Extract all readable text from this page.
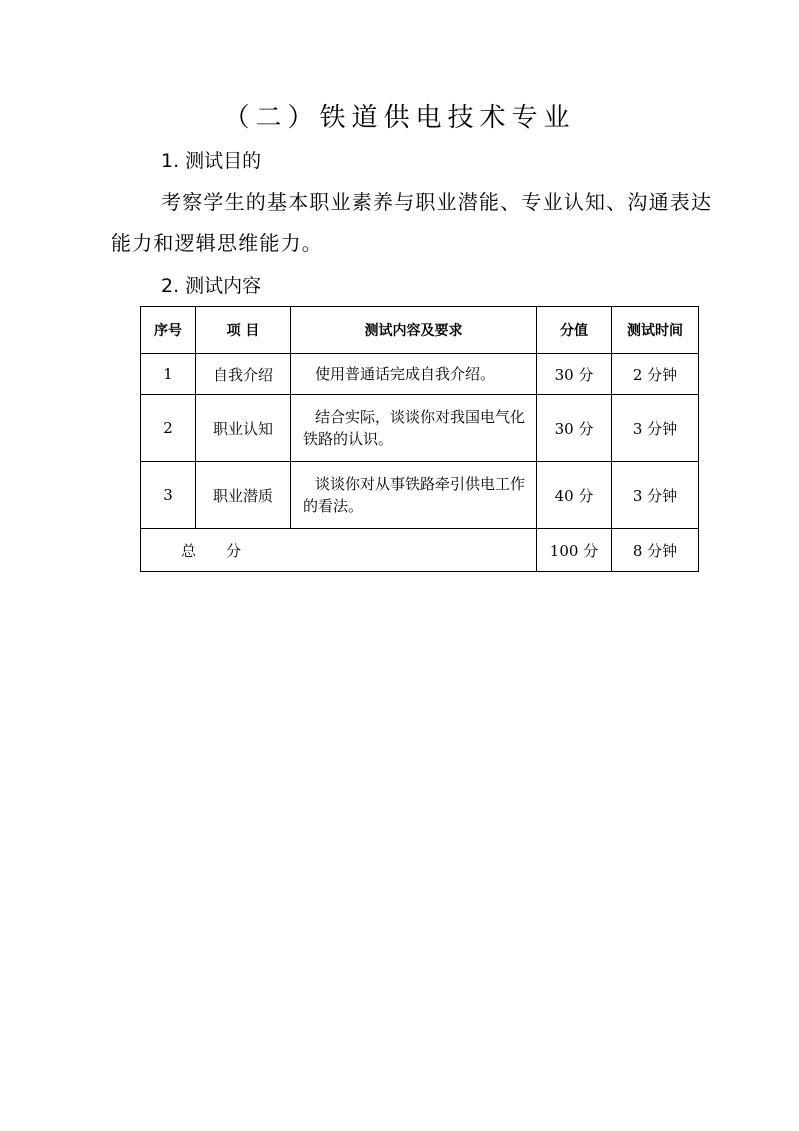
（二）铁道供电技术专业
1. 测试目的
考察学生的基本职业素养与职业潜能、专业认知、沟通表达
能力和逻辑思维能力。
2. 测试内容
序号	项 目	测试内容及要求	分值	测试时间
1	自我介绍	使用普通话完成自我介绍。	30 分	2 分钟
2	职业认知	结合实际，谈谈你对我国电气化铁路的认识。	30 分	3 分钟
3	职业潜质	谈谈你对从事铁路牵引供电工作的看法。	40 分	3 分钟
总　　分			100 分	8 分钟
